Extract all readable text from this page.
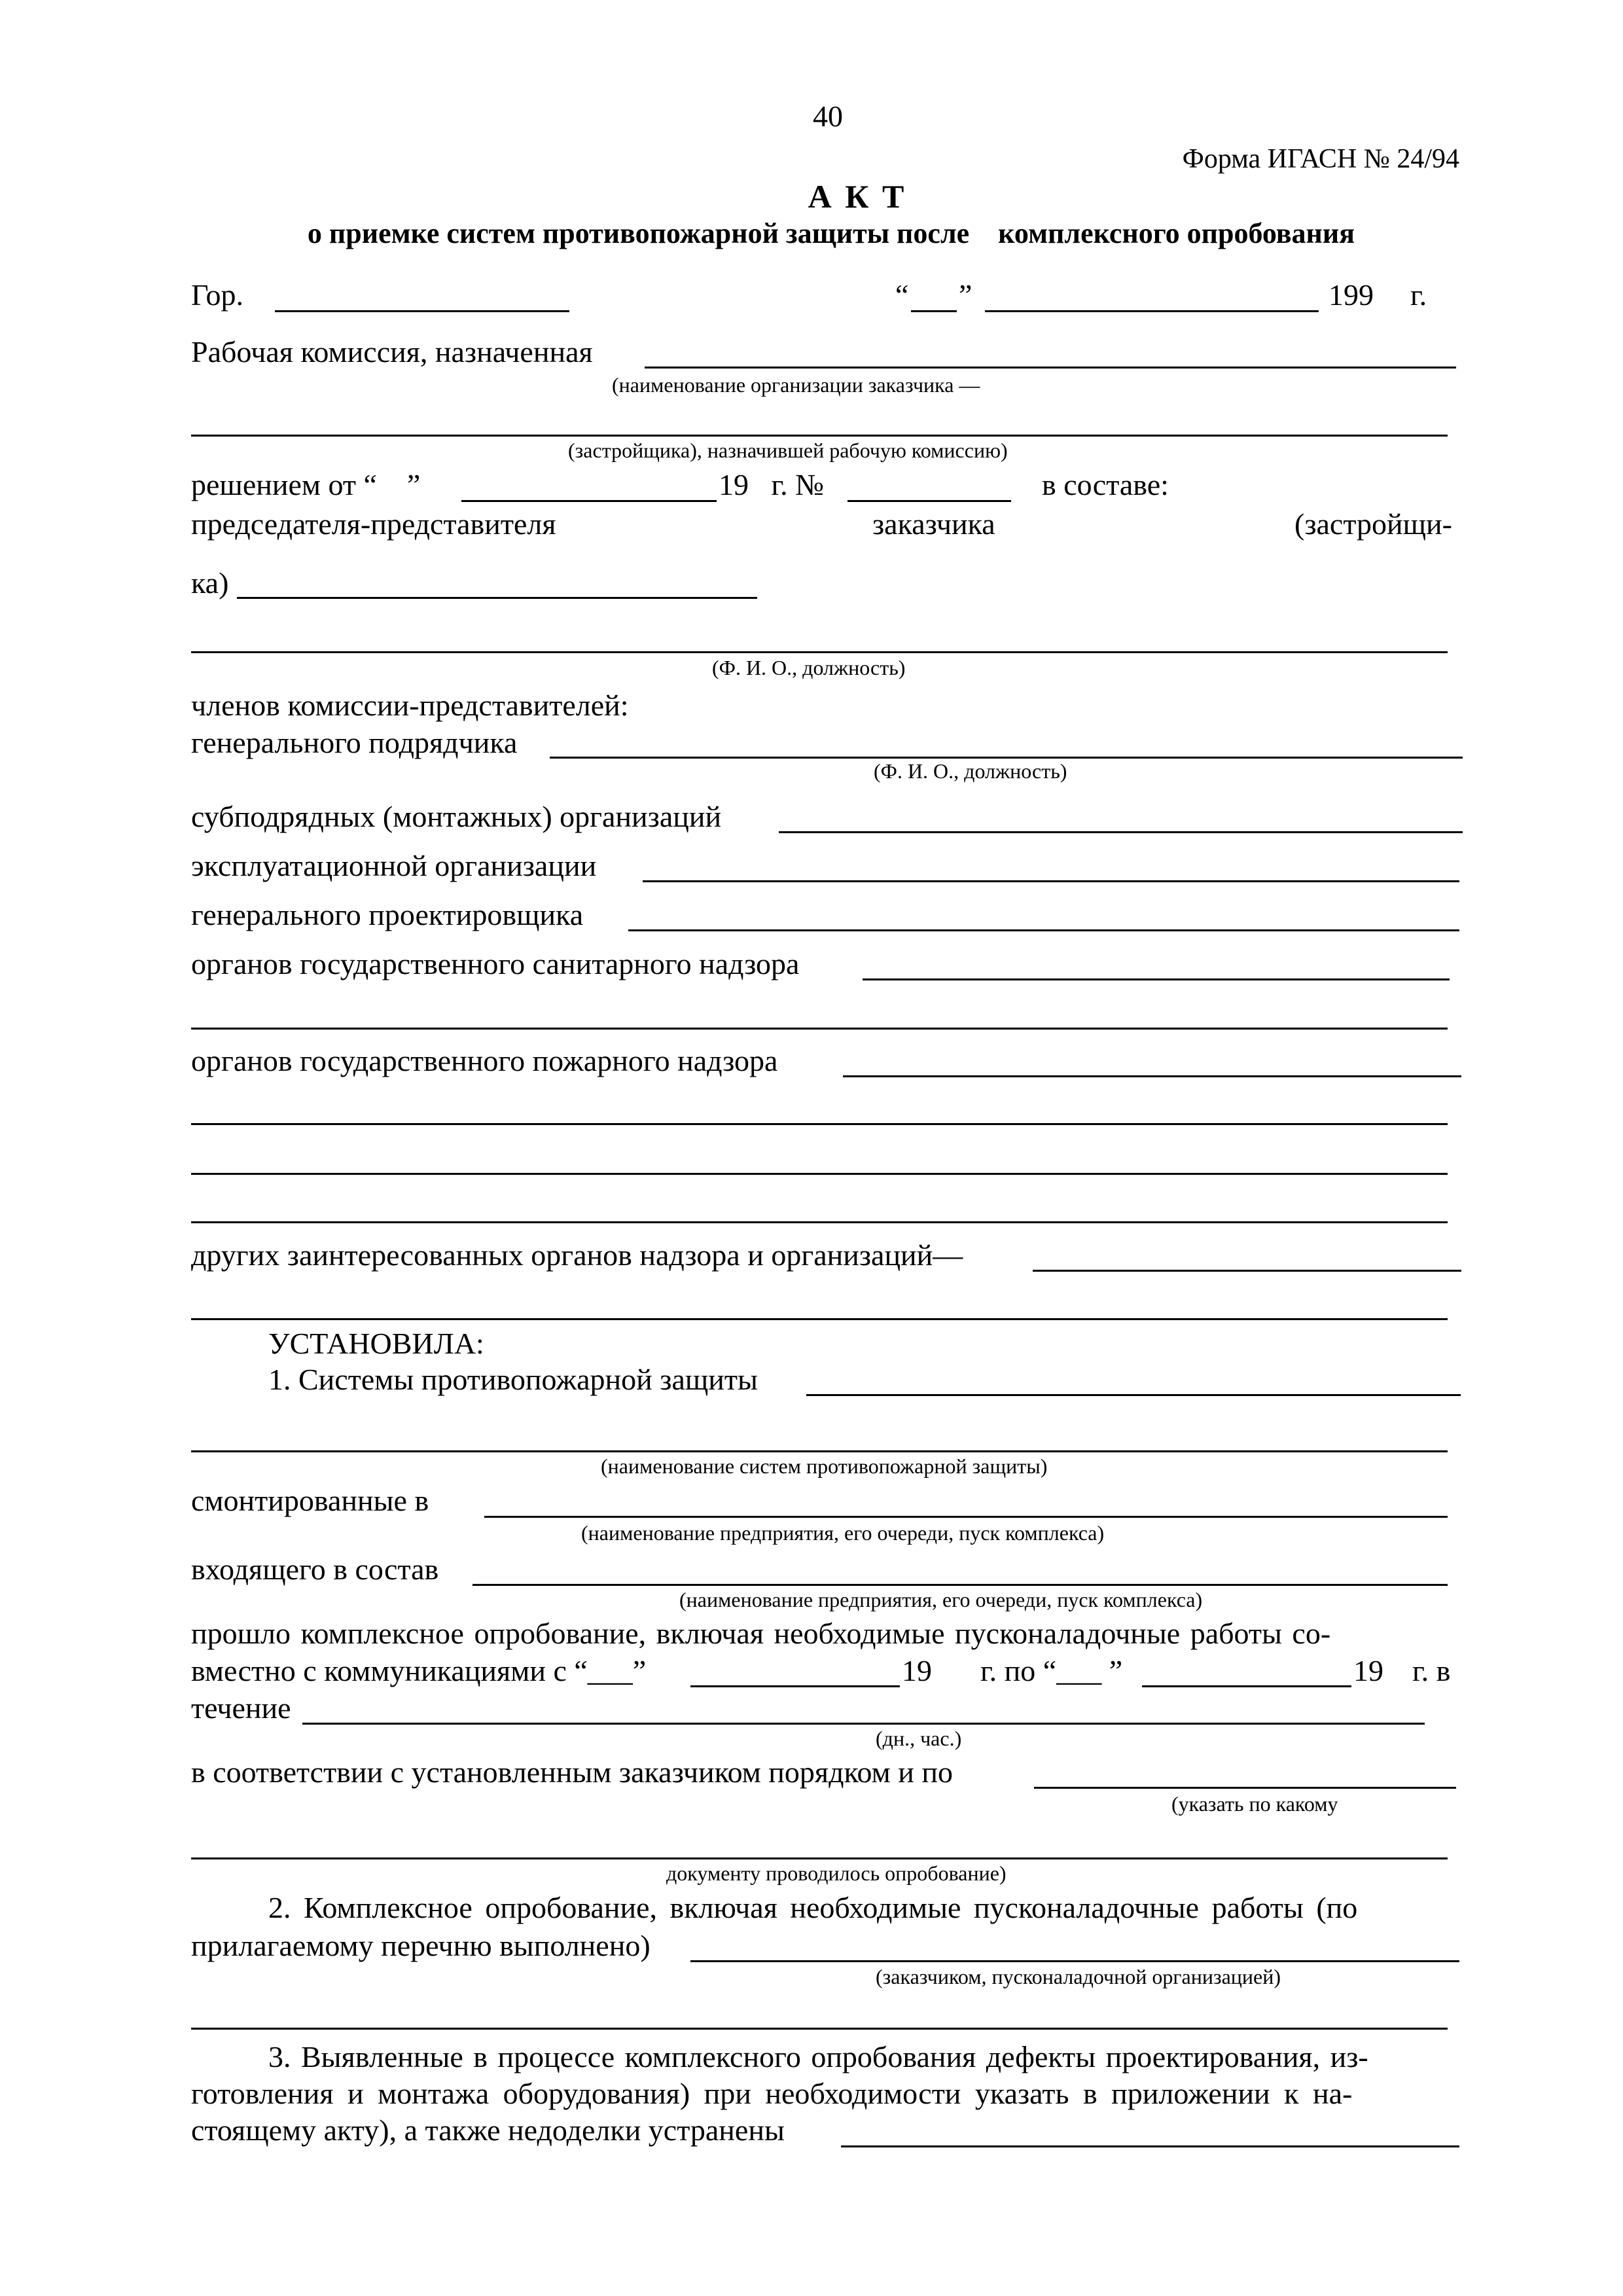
40
Форма ИГАСН № 24/94
А К Т
о приемке систем противопожарной защиты после    комплексного опробования
Гор.	“ ”	199 г.
Рабочая комиссия, назначенная
(наименование организации заказчика —
(застройщика), назначившей рабочую комиссию)
решением от “    ”	19   г. №	в составе:
председателя-представителя	заказчика	(застройщи-
ка)
(Ф. И. О., должность)
членов комиссии-представителей:
генерального подрядчика
(Ф. И. О., должность)
субподрядных (монтажных) организаций
эксплуатационной организации
генерального проектировщика
органов государственного санитарного надзора
органов государственного пожарного надзора
других заинтересованных органов надзора и организаций—
УСТАНОВИЛА:
1. Системы противопожарной защиты
(наименование систем противопожарной защиты)
смонтированные в
(наименование предприятия, его очереди, пуск комплекса)
входящего в состав
(наименование предприятия, его очереди, пуск комплекса)
прошло комплексное опробование, включая необходимые пусконаладочные работы со-
вместно с коммуникациями с “___”	19 г. по “___ ”	19 г. в
течение
(дн., час.)
в соответствии с установленным заказчиком порядком и по
(указать по какому
документу проводилось опробование)
2. Комплексное опробование, включая необходимые пусконаладочные работы (по
прилагаемому перечню выполнено)
(заказчиком, пусконаладочной организацией)
3. Выявленные в процессе комплексного опробования дефекты проектирования, из-
готовления и монтажа оборудования) при необходимости указать в приложении к на-
стоящему акту), а также недоделки устранены
